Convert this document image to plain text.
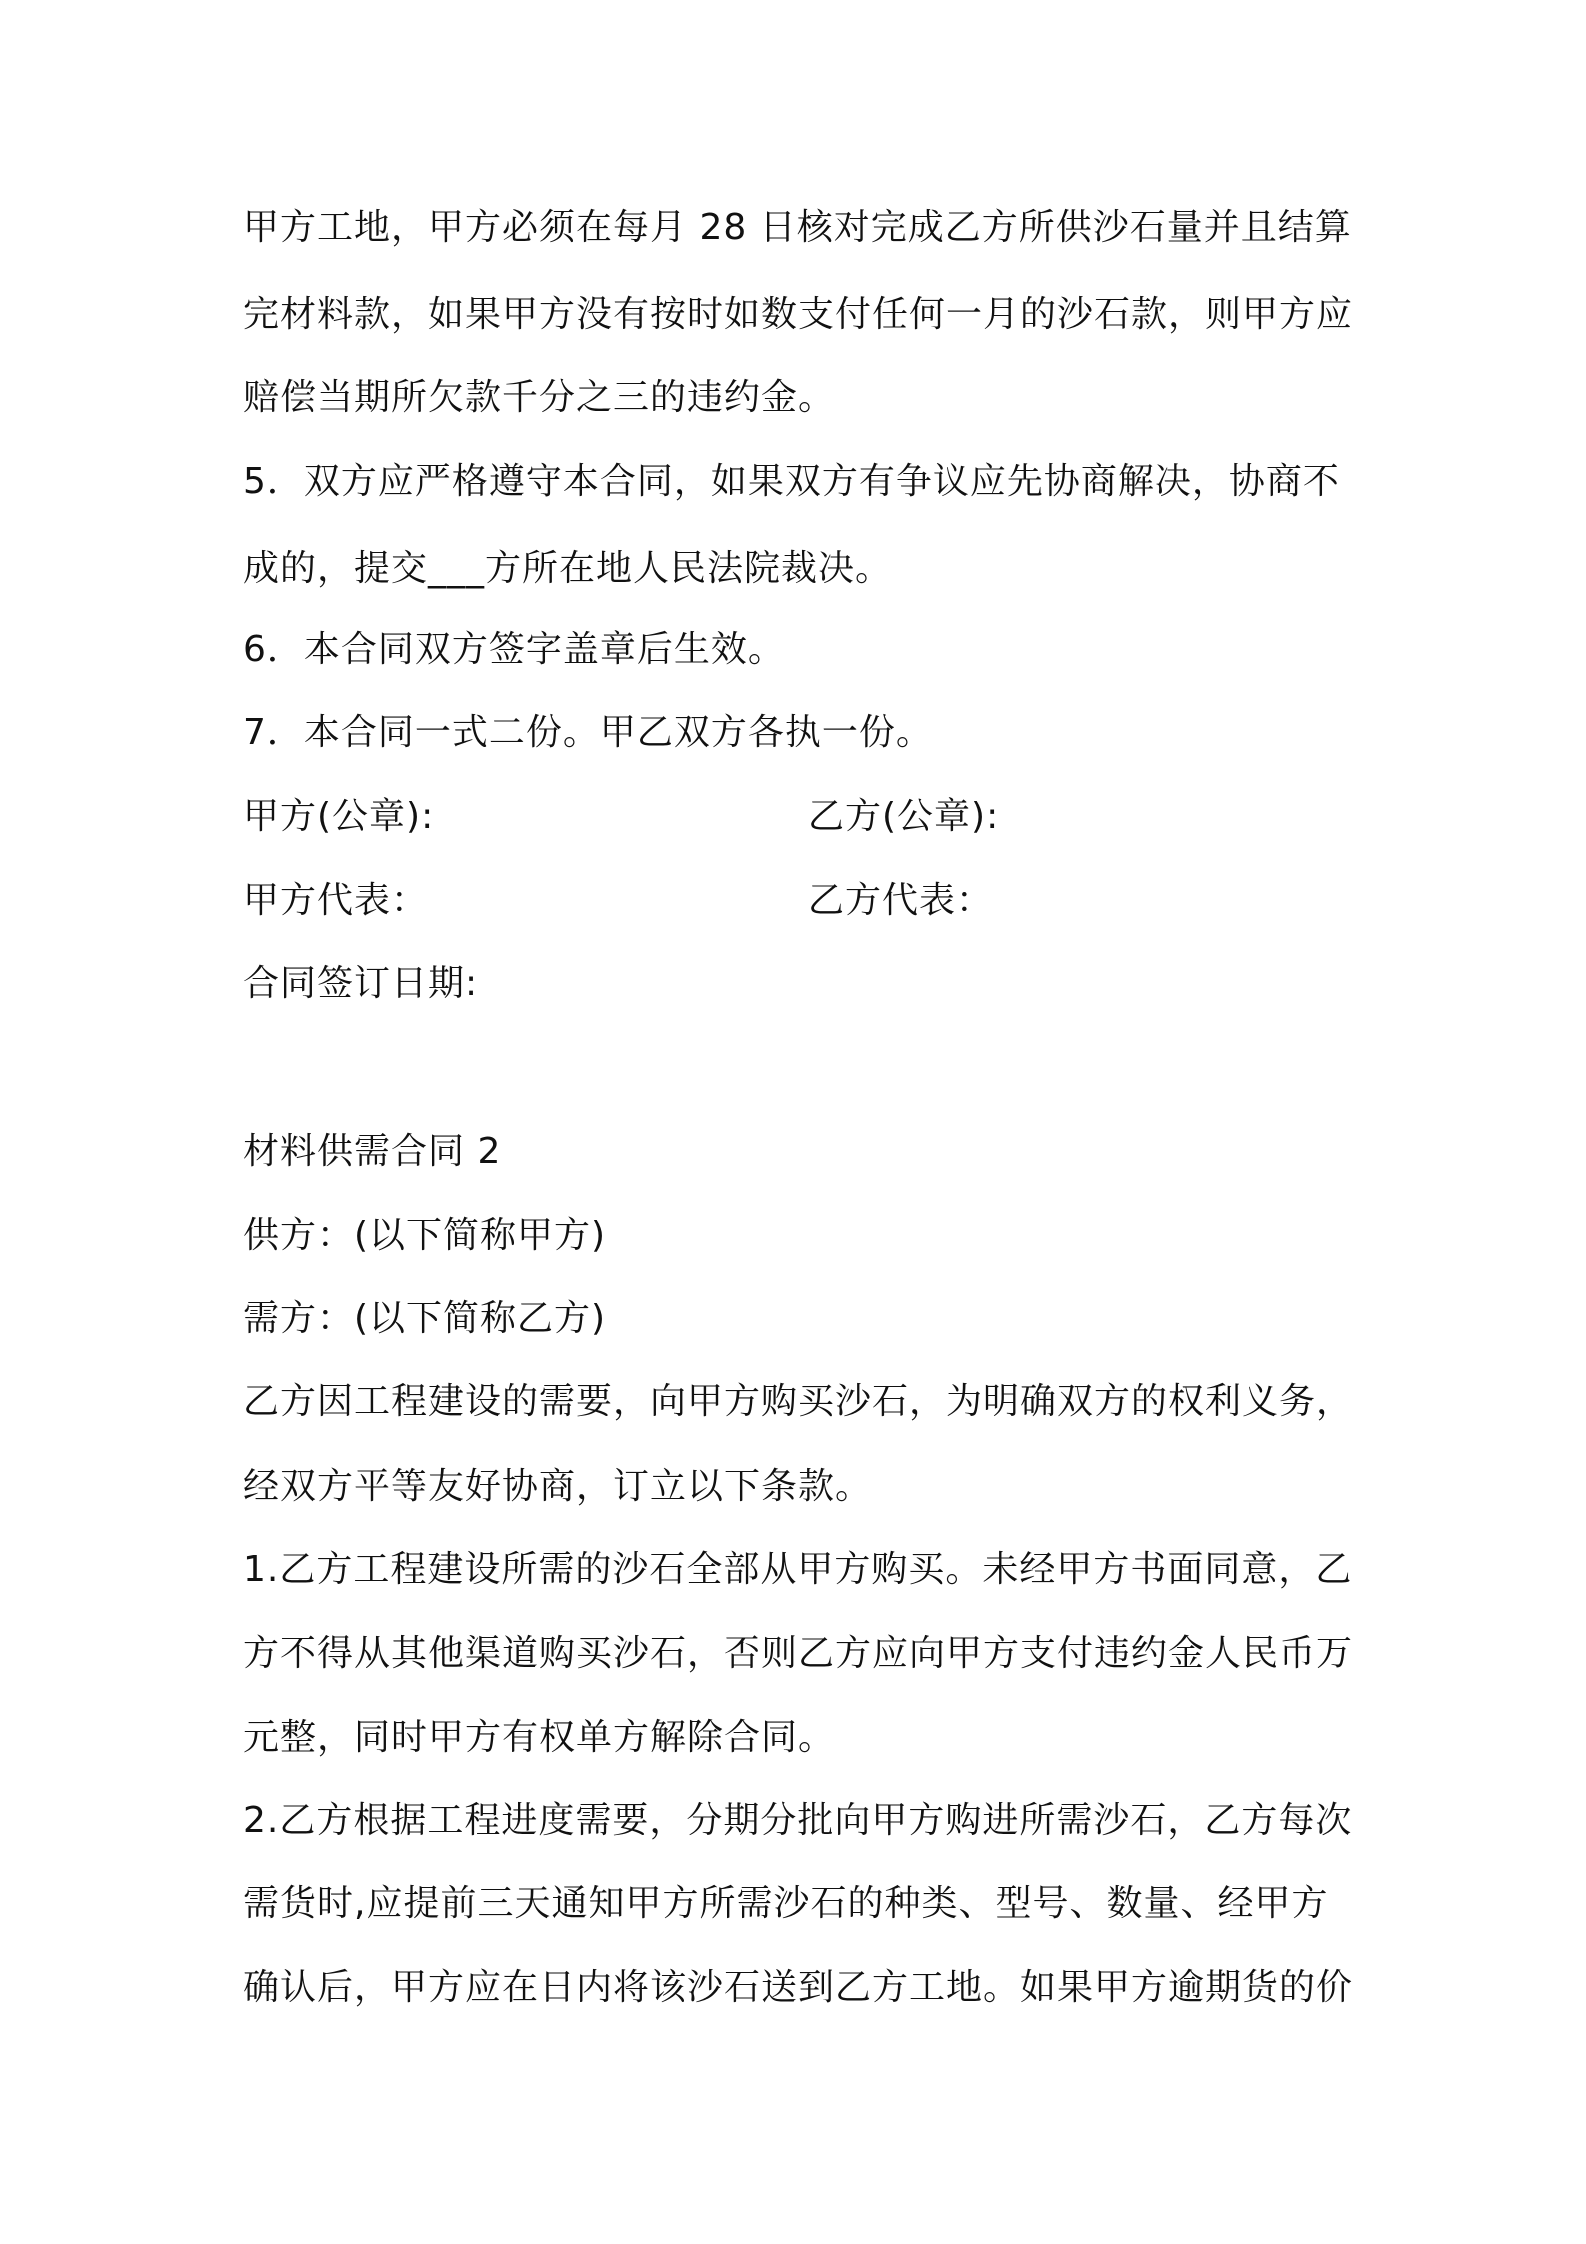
甲方工地，甲方必须在每月 28 日核对完成乙方所供沙石量并且结算
完材料款，如果甲方没有按时如数支付任何一月的沙石款，则甲方应
赔偿当期所欠款千分之三的违约金。
5．双方应严格遵守本合同，如果双方有争议应先协商解决，协商不
成的，提交___方所在地人民法院裁决。
6．本合同双方签字盖章后生效。
7．本合同一式二份。甲乙双方各执一份。
甲方(公章):	乙方(公章):
甲方代表：	乙方代表：
合同签订日期:
材料供需合同 2
供方：(以下简称甲方)
需方：(以下简称乙方)
乙方因工程建设的需要，向甲方购买沙石，为明确双方的权利义务，
经双方平等友好协商，订立以下条款。
1.乙方工程建设所需的沙石全部从甲方购买。未经甲方书面同意，乙
方不得从其他渠道购买沙石，否则乙方应向甲方支付违约金人民币万
元整，同时甲方有权单方解除合同。
2.乙方根据工程进度需要，分期分批向甲方购进所需沙石，乙方每次
需货时,应提前三天通知甲方所需沙石的种类、型号、数量、经甲方
确认后，甲方应在日内将该沙石送到乙方工地。如果甲方逾期货的价
